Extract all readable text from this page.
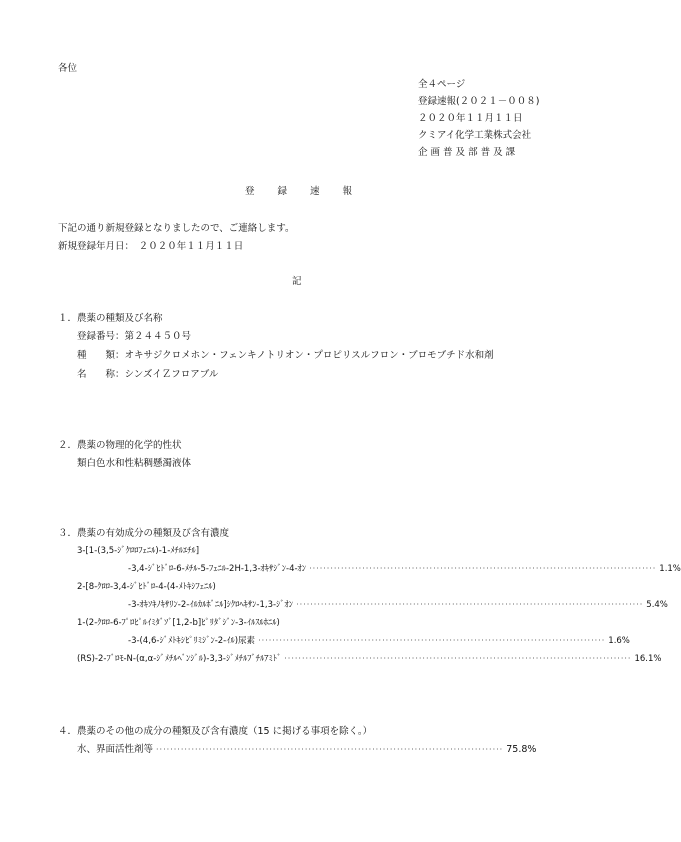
各位
全４ページ
登録速報(２０２１－００８)
２０２０年１１月１１日
クミアイ化学工業株式会社
企 画 普 及 部 普 及 課
登 録 速 報
下記の通り新規登録となりましたので、ご連絡します。
新規登録年月日：　２０２０年１１月１１日
記
１．農薬の種類及び名称
登録番号：第２４４５０号
種　　類：オキサジクロメホン・フェンキノトリオン・プロピリスルフロン・ブロモブチド水和剤
名　　称：シンズイＺフロアブル
２．農薬の物理的化学的性状
類白色水和性粘稠懸濁液体
３．農薬の有効成分の種類及び含有濃度
3-[1-(3,5-ｼﾞｸﾛﾛﾌｪﾆﾙ)-1-ﾒﾁﾙｴﾁﾙ]
-3,4-ｼﾞﾋﾄﾞﾛ-6-ﾒﾁﾙ-5-ﾌｪﾆﾙ-2H-1,3-ｵｷｻｼﾞﾝ-4-ｵﾝ ·································································································· 1.1%
2-[8-ｸﾛﾛ-3,4-ｼﾞﾋﾄﾞﾛ-4-(4-ﾒﾄｷｼﾌｪﾆﾙ)
-3-ｵｷｿｷﾉｷｻﾘﾝ-2-ｲﾙｶﾙﾎﾞﾆﾙ]ｼｸﾛﾍｷｻﾝ-1,3-ｼﾞｵﾝ ·································································································· 5.4%
1-(2-ｸﾛﾛ-6-ﾌﾟﾛﾋﾟﾙｲﾐﾀﾞｿﾞ[1,2-b]ﾋﾟﾘﾀﾞｼﾞﾝ-3-ｲﾙｽﾙﾎﾆﾙ)
-3-(4,6-ｼﾞﾒﾄｷｼﾋﾟﾘﾐｼﾞﾝ-2-ｲﾙ)尿素 ·································································································· 1.6%
(RS)-2-ﾌﾞﾛﾓ-N-(α,α-ｼﾞﾒﾁﾙﾍﾞﾝｼﾞﾙ)-3,3-ｼﾞﾒﾁﾙﾌﾞﾁﾙｱﾐﾄﾞ ·································································································· 16.1%
４．農薬のその他の成分の種類及び含有濃度（15 に掲げる事項を除く。）
水、界面活性剤等 ·································································································· 75.8%
